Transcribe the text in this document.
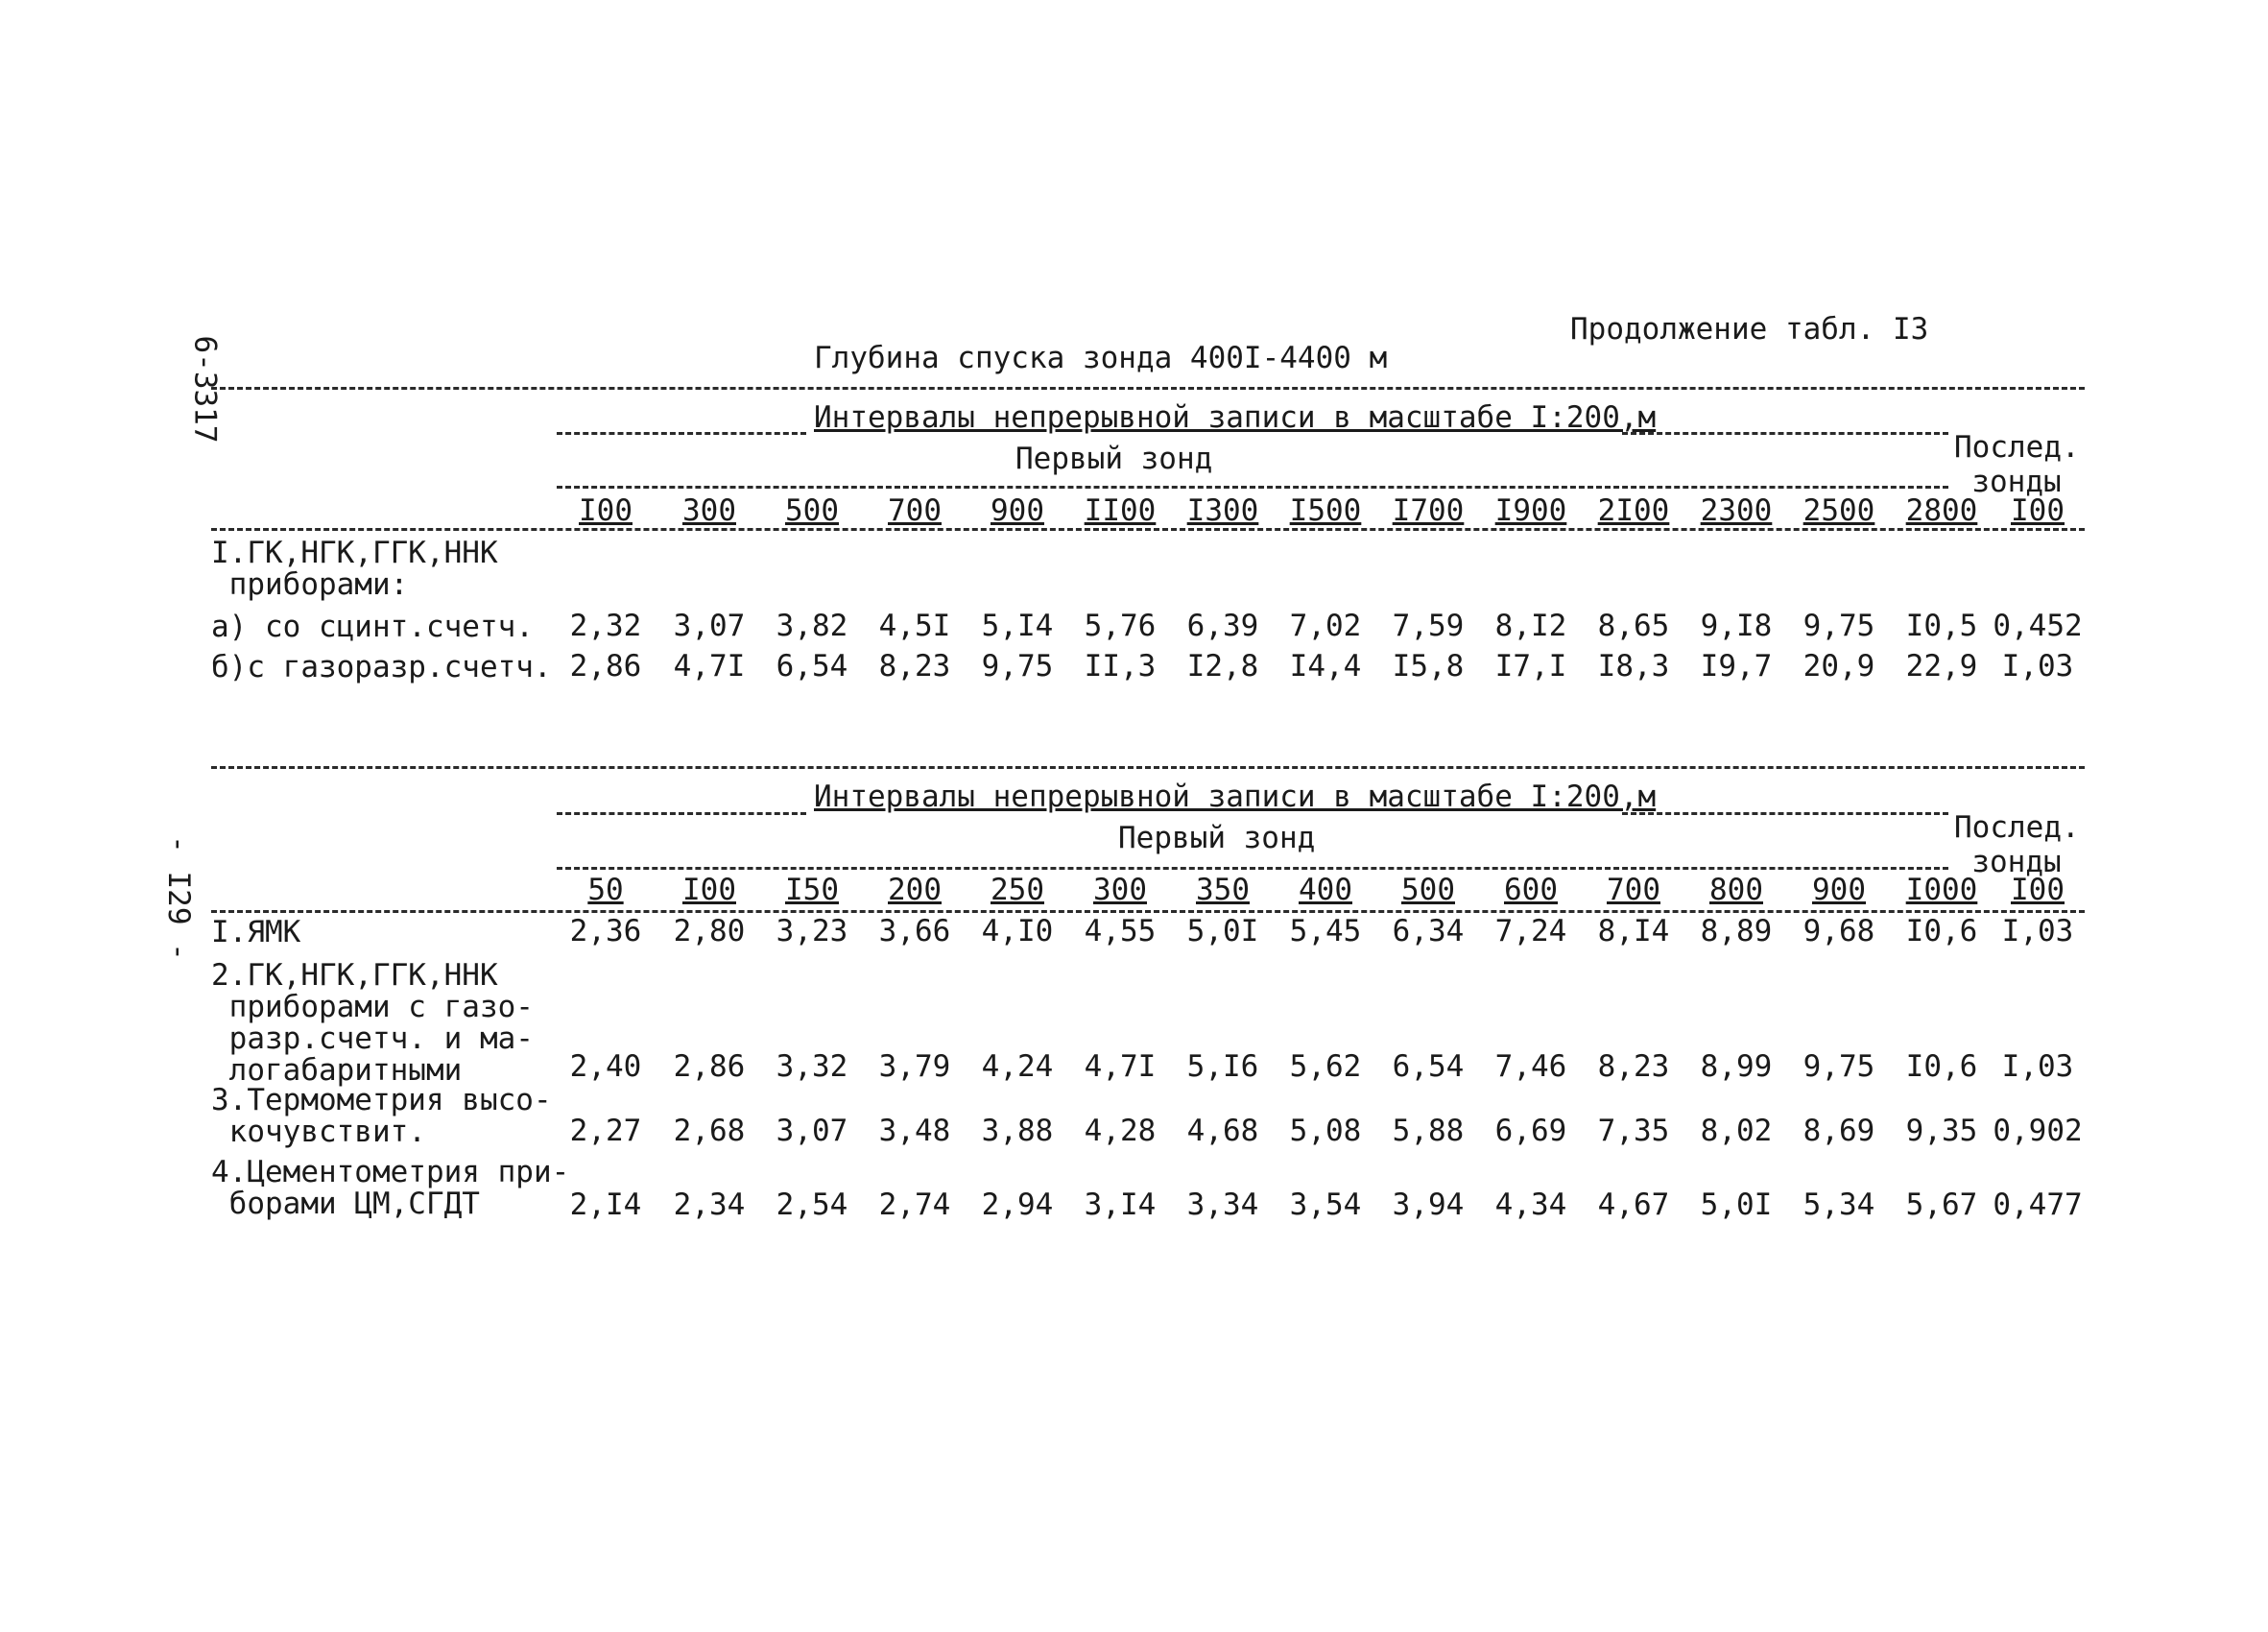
6-3317
- I29 -
Продолжение табл. I3
Глубина спуска зонда 400I-4400 м
Интервалы непрерывной записи в масштабе I:200,м
Послед. зонды
Первый зонд
I00	300	500	700	900	II00	I300	I500	I700	I900	2I00	2300	2500	2800	I00
I.ГК,НГК,ГГК,ННК
приборами:
а) со сцинт.счетч.	2,32	3,07	3,82	4,5I	5,I4	5,76	6,39	7,02	7,59	8,I2	8,65	9,I8	9,75	I0,5 0,452
б)с газоразр.счетч. 2,86	4,7I	6,54	8,23	9,75	II,3	I2,8	I4,4	I5,8	I7,I	I8,3	I9,7	20,9	22,9 I,03
Интервалы непрерывной записи в масштабе I:200,м
Послед. зонды
Первый зонд
50	I00	I50	200	250	300	350	400	500	600	700	800	900	I000	I00
I.ЯМК	2,36	2,80	3,23	3,66	4,I0	4,55	5,0I	5,45	6,34	7,24	8,I4	8,89	9,68	I0,6 I,03
2.ГК,НГК,ГГК,ННК
приборами с газо-
разр.счетч. и ма-
логабаритными	2,40	2,86	3,32	3,79	4,24	4,7I	5,I6	5,62	6,54	7,46	8,23	8,99	9,75	I0,6 I,03
3.Термометрия высо-
кочувствит.	2,27	2,68	3,07	3,48	3,88	4,28	4,68	5,08	5,88	6,69	7,35	8,02	8,69	9,35 0,902
4.Цементометрия при-
борами ЦМ,СГДТ	2,I4	2,34	2,54	2,74	2,94	3,I4	3,34	3,54	3,94	4,34	4,67	5,0I	5,34	5,67 0,477
